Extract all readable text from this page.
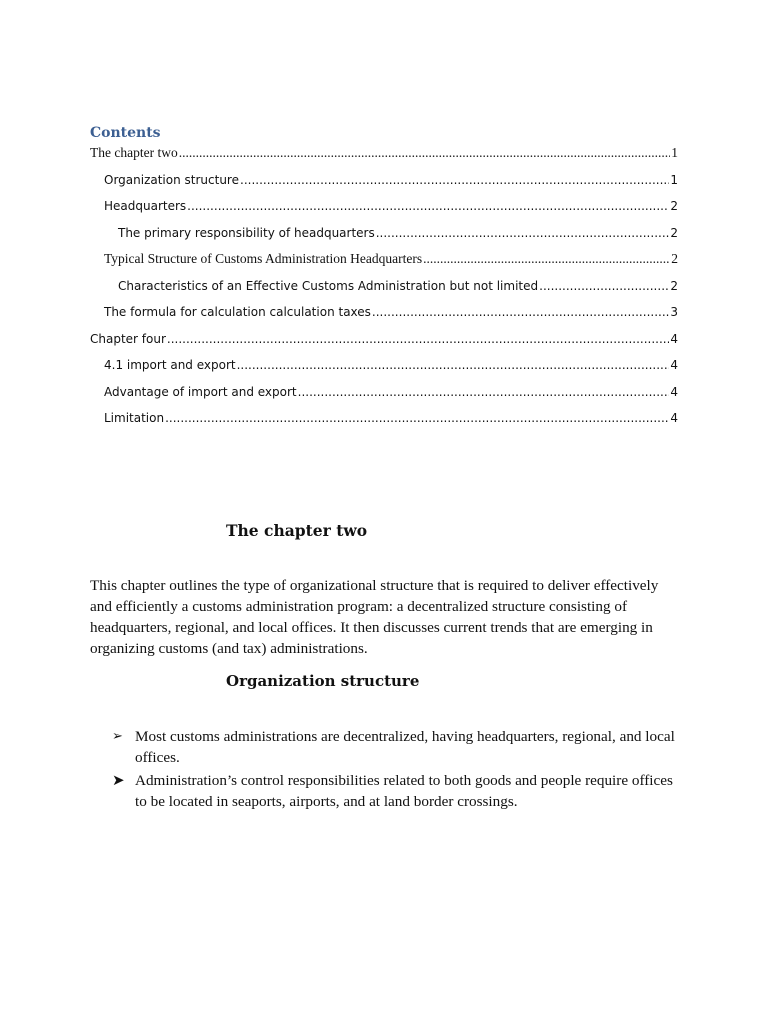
Contents
The chapter two .....	1
Organization structure .....	1
Headquarters .....	2
The primary responsibility of headquarters .....	2
Typical Structure of Customs Administration Headquarters .....	2
Characteristics of an Effective Customs Administration but not limited .....	2
The formula for calculation calculation taxes .....	3
Chapter four .....	4
4.1 import and export .....	4
Advantage of import and export .....	4
Limitation .....	4
The chapter two

This chapter outlines the type of organizational structure that is required to deliver effectively and efficiently a customs administration program: a decentralized structure consisting of headquarters, regional, and local offices. It then discusses current trends that are emerging in organizing customs (and tax) administrations.

Organization structure
➢ Most customs administrations are decentralized, having headquarters, regional, and local offices.
➤ Administration’s control responsibilities related to both goods and people require offices to be located in seaports, airports, and at land border crossings.
